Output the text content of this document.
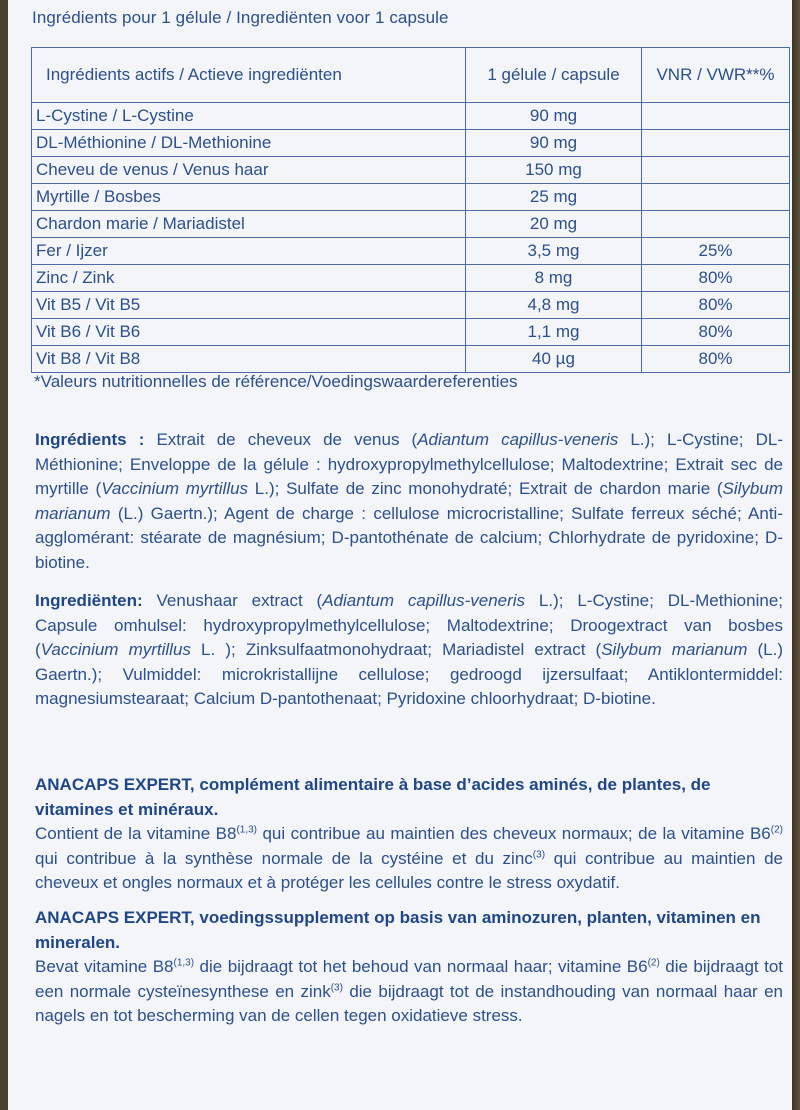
Ingrédients pour 1 gélule / Ingrediënten voor 1 capsule
Ingrédients actifs / Actieve ingrediënten	1 gélule / capsule	VNR / VWR**%
L-Cystine / L-Cystine	90 mg	
DL-Méthionine / DL-Methionine	90 mg	
Cheveu de venus / Venus haar	150 mg	
Myrtille / Bosbes	25 mg	
Chardon marie / Mariadistel	20 mg	
Fer / Ijzer	3,5 mg	25%
Zinc / Zink	8 mg	80%
Vit B5 / Vit B5	4,8 mg	80%
Vit B6 / Vit B6	1,1 mg	80%
Vit B8 / Vit B8	40 µg	80%
*Valeurs nutritionnelles de référence/Voedingswaardereferenties

Ingrédients : Extrait de cheveux de venus (Adiantum capillus-veneris L.); L-Cystine; DL-Méthionine; Enveloppe de la gélule : hydroxypropylmethylcellulose; Maltodextrine; Extrait sec de myrtille (Vaccinium myrtillus L.); Sulfate de zinc monohydraté; Extrait de chardon marie (Silybum marianum (L.) Gaertn.); Agent de charge : cellulose microcristalline; Sulfate ferreux séché; Anti-agglomérant: stéarate de magnésium; D-pantothénate de calcium; Chlorhydrate de pyridoxine; D-biotine.

Ingrediënten: Venushaar extract (Adiantum capillus-veneris L.); L-Cystine; DL-Methionine; Capsule omhulsel: hydroxypropylmethylcellulose; Maltodextrine; Droogextract van bosbes (Vaccinium myrtillus L. ); Zinksulfaatmonohydraat; Mariadistel extract (Silybum marianum (L.) Gaertn.); Vulmiddel: microkristallijne cellulose; gedroogd ijzersulfaat; Antiklontermiddel: magnesiumstearaat; Calcium D-pantothenaat; Pyridoxine chloorhydraat; D-biotine.

ANACAPS EXPERT, complément alimentaire à base d’acides aminés, de plantes, de vitamines et minéraux.

Contient de la vitamine B8$^{(1,3)}$ qui contribue au maintien des cheveux normaux; de la vitamine B6$^{(2)}$ qui contribue à la synthèse normale de la cystéine et du zinc$^{(3)}$ qui contribue au maintien de cheveux et ongles normaux et à protéger les cellules contre le stress oxydatif.

ANACAPS EXPERT, voedingssupplement op basis van aminozuren, planten, vitaminen en mineralen.

Bevat vitamine B8$^{(1,3)}$ die bijdraagt tot het behoud van normaal haar; vitamine B6$^{(2)}$ die bijdraagt tot een normale cysteïnesynthese en zink$^{(3)}$ die bijdraagt tot de instandhouding van normaal haar en nagels en tot bescherming van de cellen tegen oxidatieve stress.
